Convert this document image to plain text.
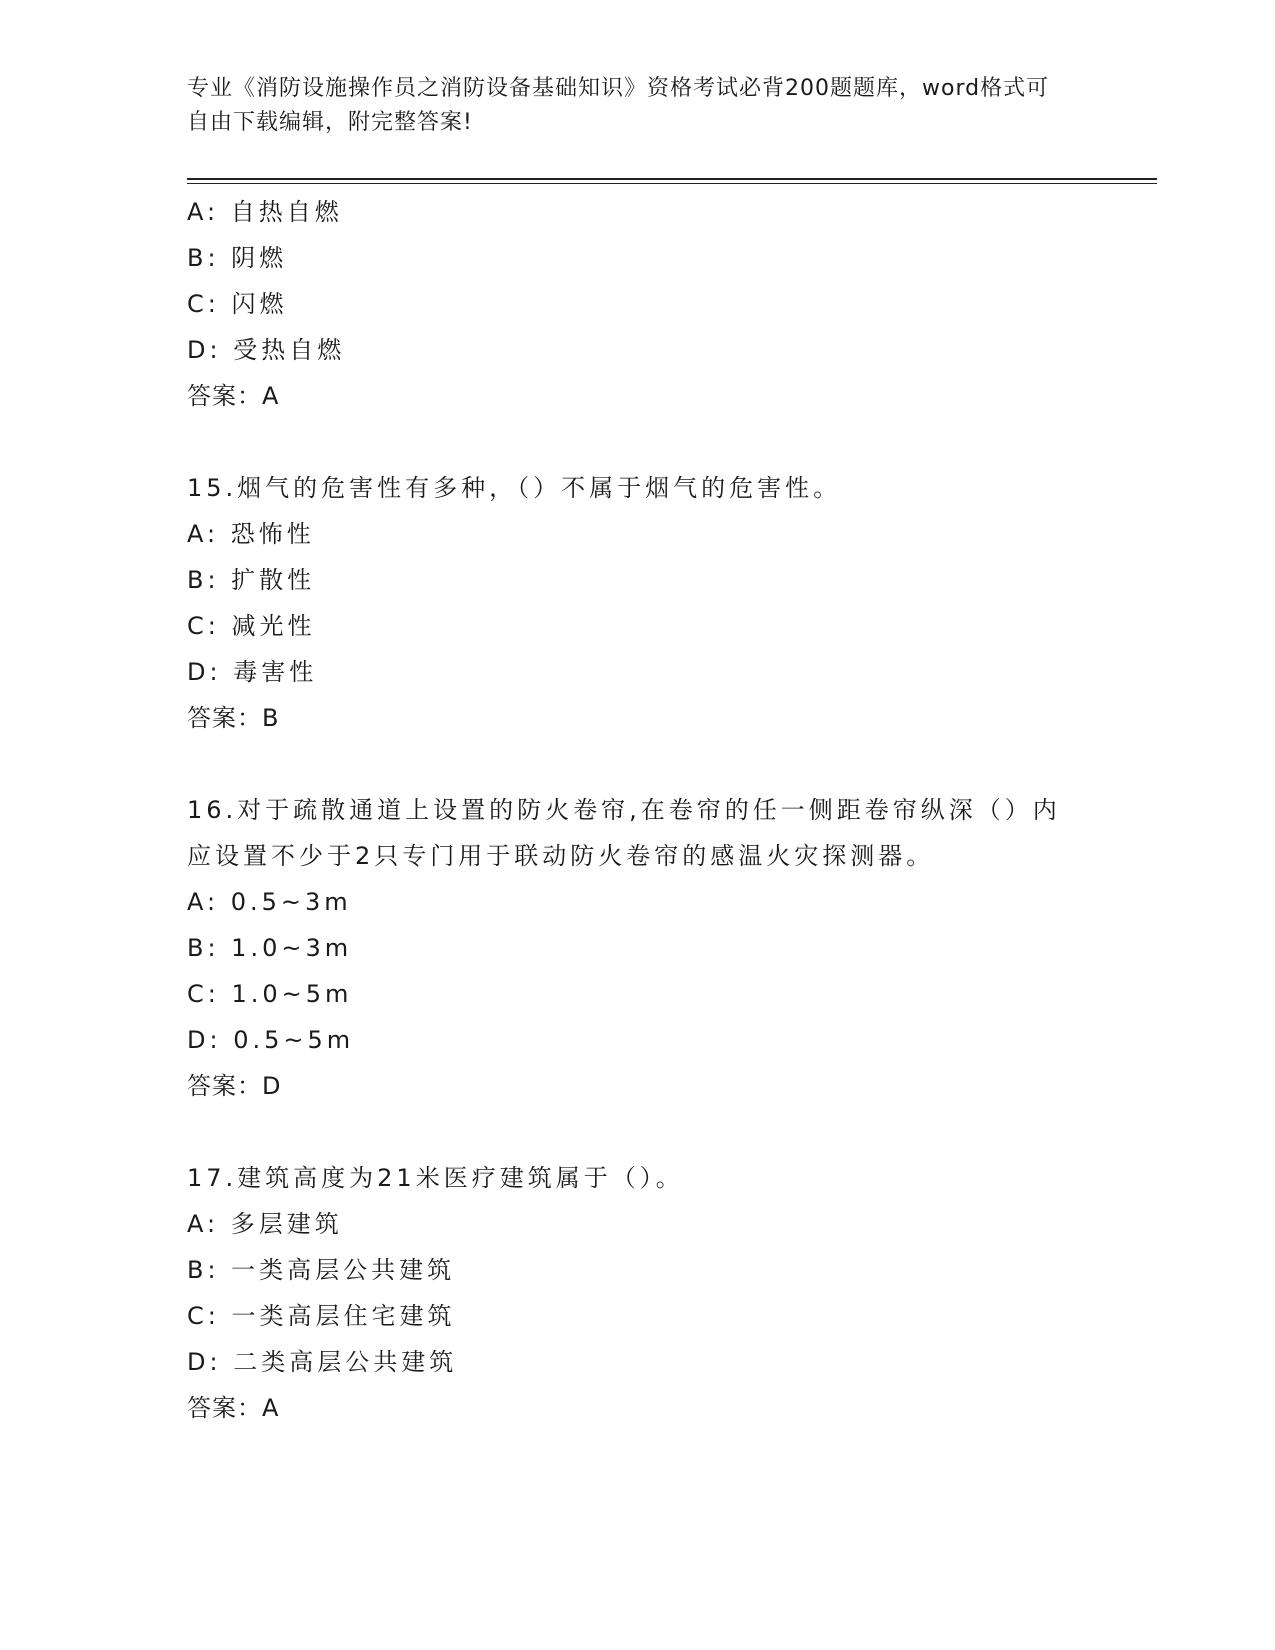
专业《消防设施操作员之消防设备基础知识》资格考试必背200题题库，word格式可自由下载编辑，附完整答案!
A: 自热自燃
B: 阴燃
C: 闪燃
D: 受热自燃
答案：A
15.烟气的危害性有多种，（）不属于烟气的危害性。
A: 恐怖性
B: 扩散性
C: 减光性
D: 毒害性
答案：B
16.对于疏散通道上设置的防火卷帘,在卷帘的任一侧距卷帘纵深（）内应设置不少于2只专门用于联动防火卷帘的感温火灾探测器。
A: 0.5~3m
B: 1.0~3m
C: 1.0~5m
D: 0.5~5m
答案：D
17.建筑高度为21米医疗建筑属于（）。
A: 多层建筑
B: 一类高层公共建筑
C: 一类高层住宅建筑
D: 二类高层公共建筑
答案：A
